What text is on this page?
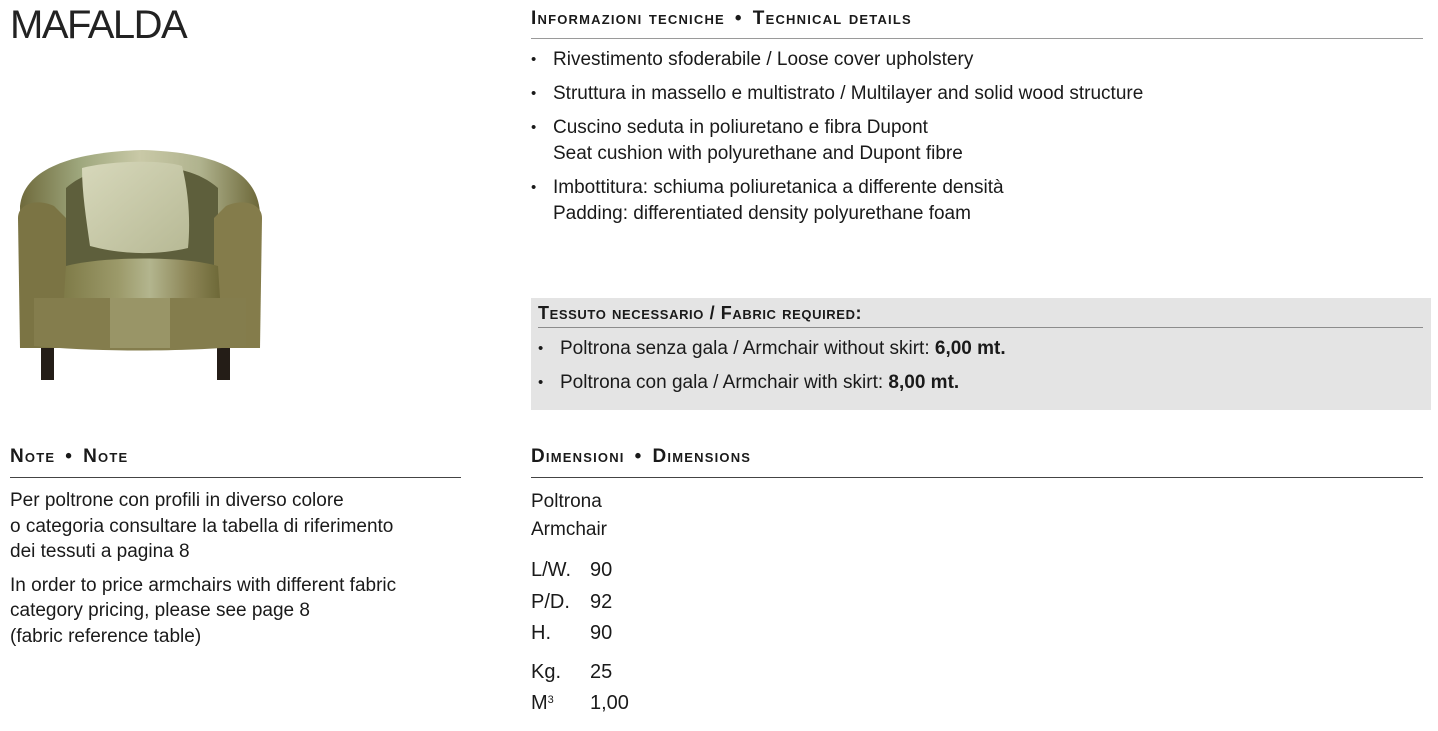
MAFALDA	Informazioni tecniche • Technical details
• Rivestimento sfoderabile / Loose cover upholstery
• Struttura in massello e multistrato / Multilayer and solid wood structure
• Cuscino seduta in poliuretano e fibra Dupont
Seat cushion with polyurethane and Dupont fibre
• Imbottitura: schiuma poliuretanica a differente densità
Padding: differentiated density polyurethane foam
Tessuto necessario / Fabric required:
• Poltrona senza gala / Armchair without skirt: 6,00 mt.
• Poltrona con gala / Armchair with skirt: 8,00 mt.
Note • Note

Per poltrone con profili in diverso colore
o categoria consultare la tabella di riferimento
dei tessuti a pagina 8

In order to price armchairs with different fabric
category pricing, please see page 8
(fabric reference table)

Dimensioni • Dimensions
Poltrona
Armchair
L/W.	90
P/D.	92
H.	90
Kg.	25
$M^3$	1,00
